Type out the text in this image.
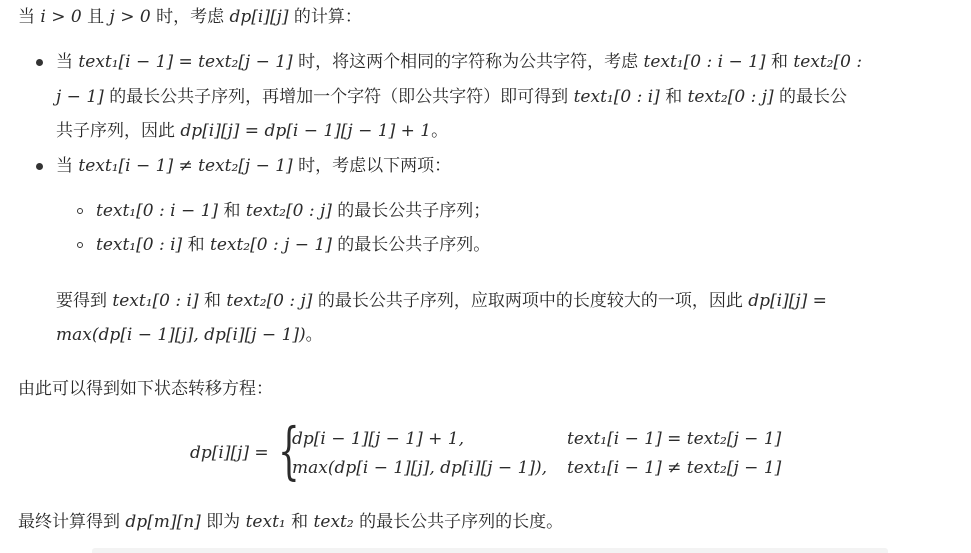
当 i > 0 且 j > 0 时，考虑 dp[i][j] 的计算：
当 text₁[i − 1] = text₂[j − 1] 时，将这两个相同的字符称为公共字符，考虑 text₁[0 : i − 1] 和 text₂[0 :
j − 1] 的最长公共子序列，再增加一个字符（即公共字符）即可得到 text₁[0 : i] 和 text₂[0 : j] 的最长公
共子序列，因此 dp[i][j] = dp[i − 1][j − 1] + 1。
当 text₁[i − 1] ≠ text₂[j − 1] 时，考虑以下两项：
text₁[0 : i − 1] 和 text₂[0 : j] 的最长公共子序列；
text₁[0 : i] 和 text₂[0 : j − 1] 的最长公共子序列。
要得到 text₁[0 : i] 和 text₂[0 : j] 的最长公共子序列，应取两项中的长度较大的一项，因此 dp[i][j] =
max(dp[i − 1][j], dp[i][j − 1])。
由此可以得到如下状态转移方程：
dp[i][j] = {
dp[i − 1][j − 1] + 1,	text₁[i − 1] = text₂[j − 1]
max(dp[i − 1][j], dp[i][j − 1]), text₁[i − 1] ≠ text₂[j − 1]
最终计算得到 dp[m][n] 即为 text₁ 和 text₂ 的最长公共子序列的长度。
